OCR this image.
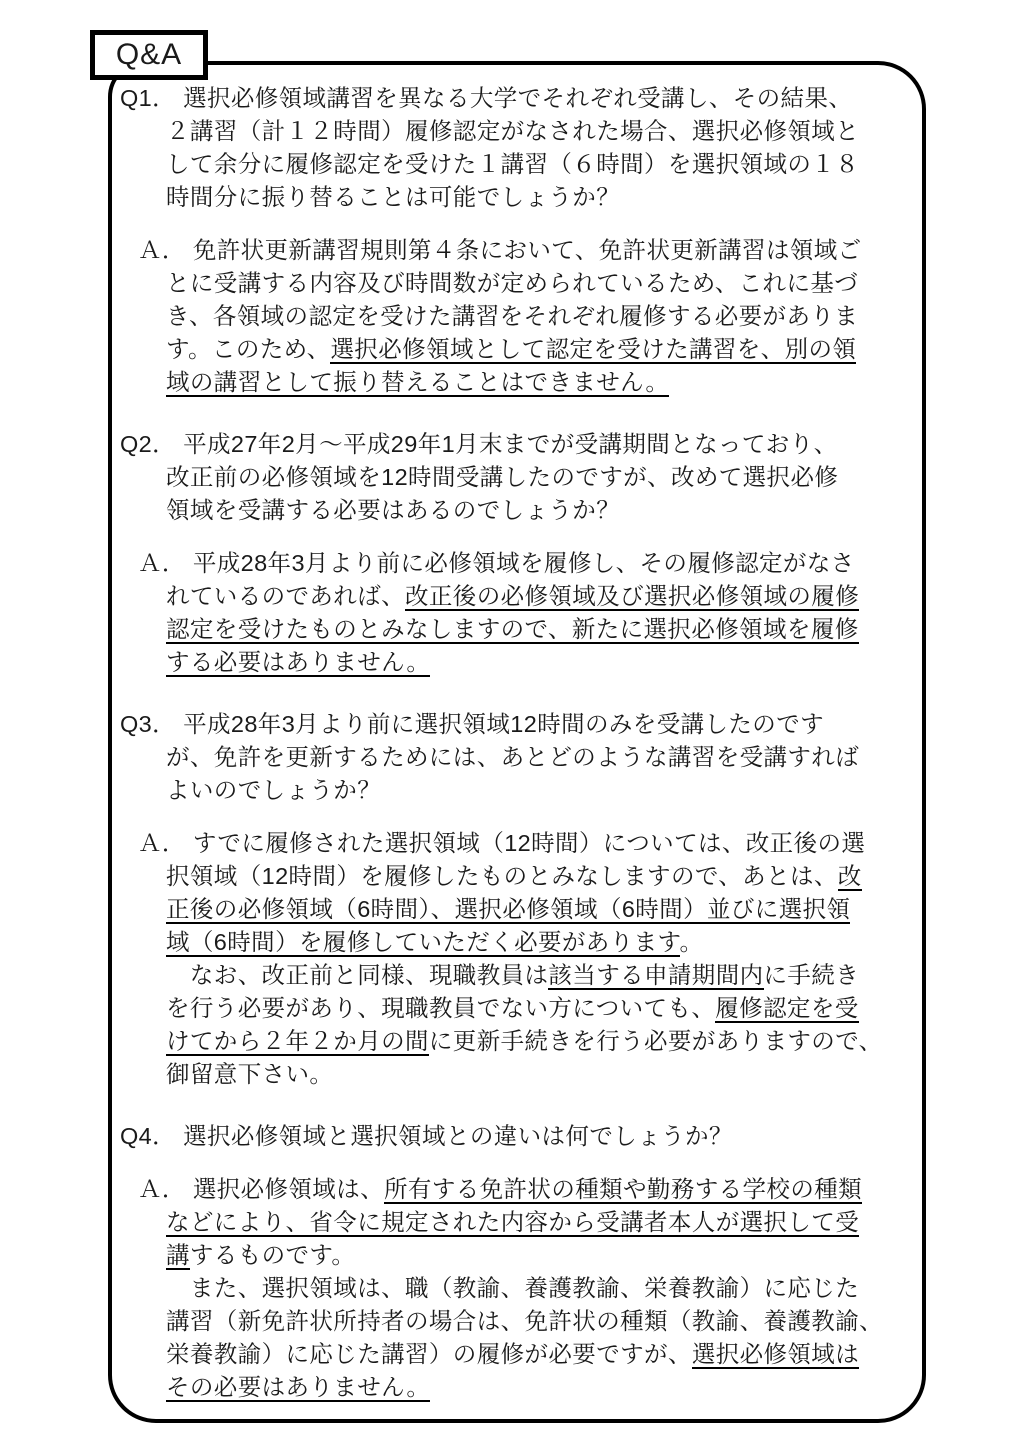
Q&A
Q1． 選択必修領域講習を異なる大学でそれぞれ受講し、その結果、
２講習（計１２時間）履修認定がなされた場合、選択必修領域と
して余分に履修認定を受けた１講習（６時間）を選択領域の１８
時間分に振り替ることは可能でしょうか？
Ａ． 免許状更新講習規則第４条において、免許状更新講習は領域ご
とに受講する内容及び時間数が定められているため、これに基づ
き、各領域の認定を受けた講習をそれぞれ履修する必要がありま
す。このため、選択必修領域として認定を受けた講習を、別の領
域の講習として振り替えることはできません。
Q2． 平成27年2月～平成29年1月末までが受講期間となっており、
改正前の必修領域を12時間受講したのですが、改めて選択必修
領域を受講する必要はあるのでしょうか？
Ａ． 平成28年3月より前に必修領域を履修し、その履修認定がなさ
れているのであれば、改正後の必修領域及び選択必修領域の履修
認定を受けたものとみなしますので、新たに選択必修領域を履修
する必要はありません。
Q3． 平成28年3月より前に選択領域12時間のみを受講したのです
が、免許を更新するためには、あとどのような講習を受講すれば
よいのでしょうか？
Ａ． すでに履修された選択領域（12時間）については、改正後の選
択領域（12時間）を履修したものとみなしますので、あとは、改
正後の必修領域（6時間）、選択必修領域（6時間）並びに選択領
域（6時間）を履修していただく必要があります。
　なお、改正前と同様、現職教員は該当する申請期間内に手続き
を行う必要があり、現職教員でない方についても、履修認定を受
けてから２年２か月の間に更新手続きを行う必要がありますので、
御留意下さい。
Q4． 選択必修領域と選択領域との違いは何でしょうか？
Ａ． 選択必修領域は、所有する免許状の種類や勤務する学校の種類
などにより、省令に規定された内容から受講者本人が選択して受
講するものです。
　また、選択領域は、職（教諭、養護教諭、栄養教諭）に応じた
講習（新免許状所持者の場合は、免許状の種類（教諭、養護教諭、
栄養教諭）に応じた講習）の履修が必要ですが、選択必修領域は
その必要はありません。
